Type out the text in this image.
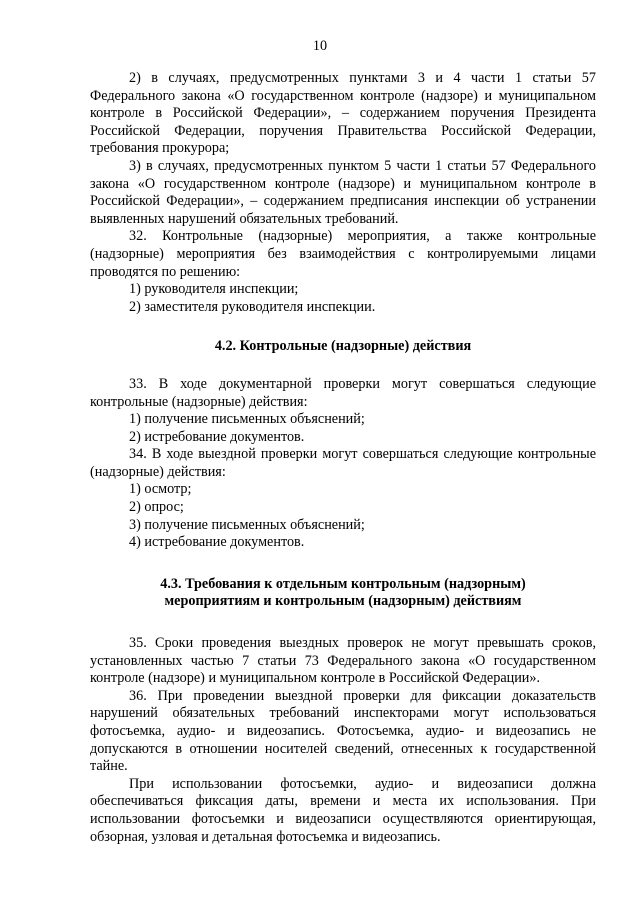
10

2) в случаях, предусмотренных пунктами 3 и 4 части 1 статьи 57 Федерального закона «О государственном контроле (надзоре) и муниципальном контроле в Российской Федерации», – содержанием поручения Президента Российской Федерации, поручения Правительства Российской Федерации, требования прокурора;

3) в случаях, предусмотренных пунктом 5 части 1 статьи 57 Федерального закона «О государственном контроле (надзоре) и муниципальном контроле в Российской Федерации», – содержанием предписания инспекции об устранении выявленных нарушений обязательных требований.

32. Контрольные (надзорные) мероприятия, а также контрольные (надзорные) мероприятия без взаимодействия с контролируемыми лицами проводятся по решению:

1) руководителя инспекции;

2) заместителя руководителя инспекции.

4.2. Контрольные (надзорные) действия

33. В ходе документарной проверки могут совершаться следующие контрольные (надзорные) действия:

1) получение письменных объяснений;

2) истребование документов.

34. В ходе выездной проверки могут совершаться следующие контрольные (надзорные) действия:

1) осмотр;

2) опрос;

3) получение письменных объяснений;

4) истребование документов.

4.3. Требования к отдельным контрольным (надзорным)

мероприятиям и контрольным (надзорным) действиям

35. Сроки проведения выездных проверок не могут превышать сроков, установленных частью 7 статьи 73 Федерального закона «О государственном контроле (надзоре) и муниципальном контроле в Российской Федерации».

36. При проведении выездной проверки для фиксации доказательств нарушений обязательных требований инспекторами могут использоваться фотосъемка, аудио- и видеозапись. Фотосъемка, аудио- и видеозапись не допускаются в отношении носителей сведений, отнесенных к государственной тайне.

При использовании фотосъемки, аудио- и видеозаписи должна обеспечиваться фиксация даты, времени и места их использования. При использовании фотосъемки и видеозаписи осуществляются ориентирующая, обзорная, узловая и детальная фотосъемка и видеозапись.
